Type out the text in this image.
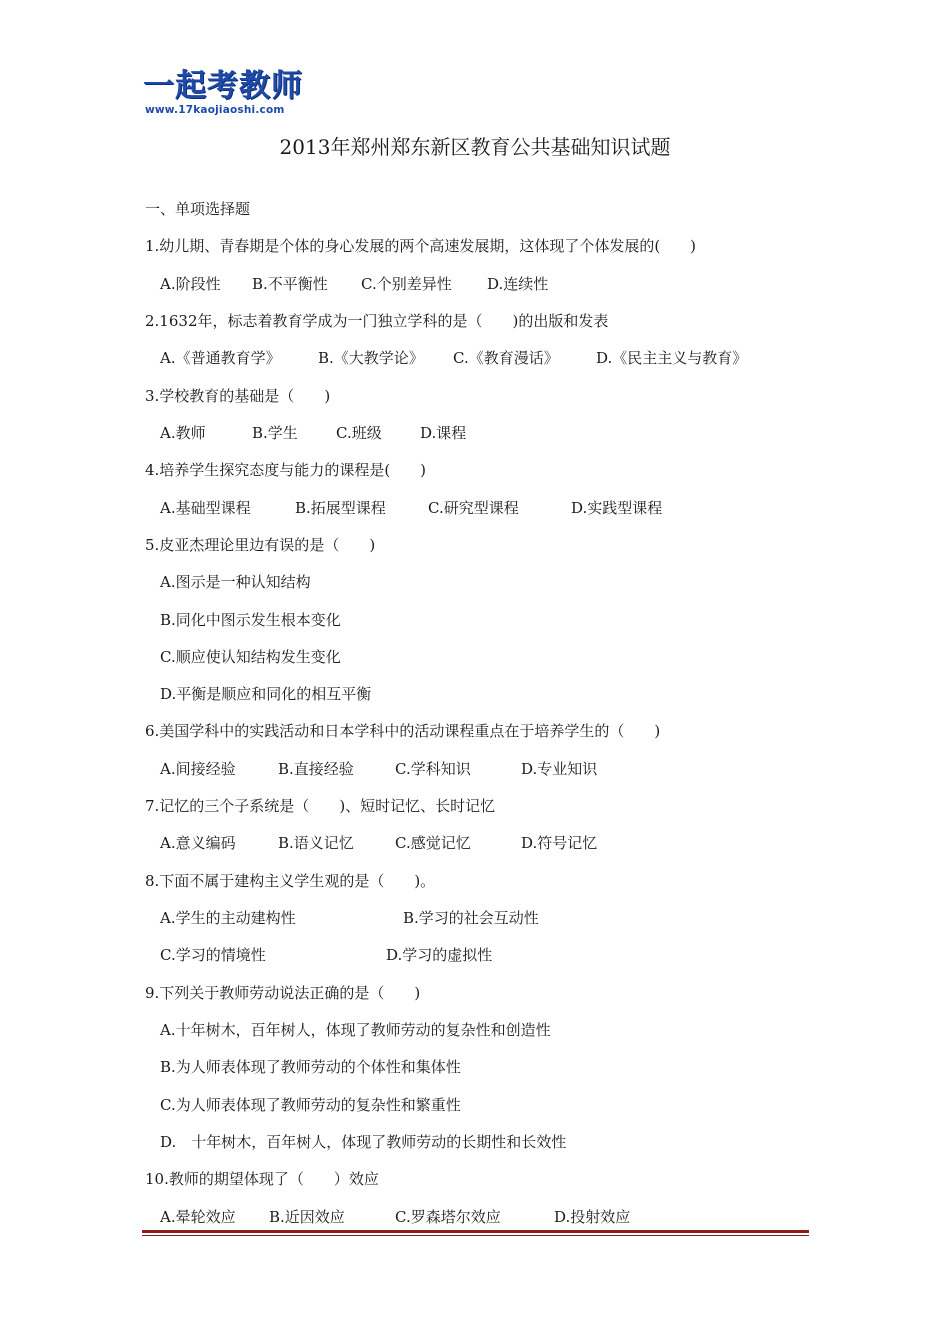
一起考教师
www.17kaojiaoshi.com
2013年郑州郑东新区教育公共基础知识试题
一、单项选择题
1.幼儿期、青春期是个体的身心发展的两个高速发展期，这体现了个体发展的(　　)
A.阶段性 B.不平衡性 C.个别差异性 D.连续性
2.1632年，标志着教育学成为一门独立学科的是（　　)的出版和发表
A.《普通教育学》 B.《大教学论》 C.《教育漫话》 D.《民主主义与教育》
3.学校教育的基础是（　　)
A.教师	B.学生	C.班级	D.课程
4.培养学生探究态度与能力的课程是(　　)
A.基础型课程	B.拓展型课程	C.研究型课程	D.实践型课程
5.皮亚杰理论里边有误的是（　　)
A.图示是一种认知结构
B.同化中图示发生根本变化
C.顺应使认知结构发生变化
D.平衡是顺应和同化的相互平衡
6.美国学科中的实践活动和日本学科中的活动课程重点在于培养学生的（　　)
A.间接经验	B.直接经验	C.学科知识	D.专业知识
7.记忆的三个子系统是（　　)、短时记忆、长时记忆
A.意义编码	B.语义记忆	C.感觉记忆	D.符号记忆
8.下面不属于建构主义学生观的是（　　)。
A.学生的主动建构性	B.学习的社会互动性
C.学习的情境性	D.学习的虚拟性
9.下列关于教师劳动说法正确的是（　　)
A.十年树木，百年树人，体现了教师劳动的复杂性和创造性
B.为人师表体现了教师劳动的个体性和集体性
C.为人师表体现了教师劳动的复杂性和繁重性
D.　十年树木，百年树人，体现了教师劳动的长期性和长效性
10.教师的期望体现了（　　）效应
A.晕轮效应 B.近因效应	C.罗森塔尔效应	D.投射效应
